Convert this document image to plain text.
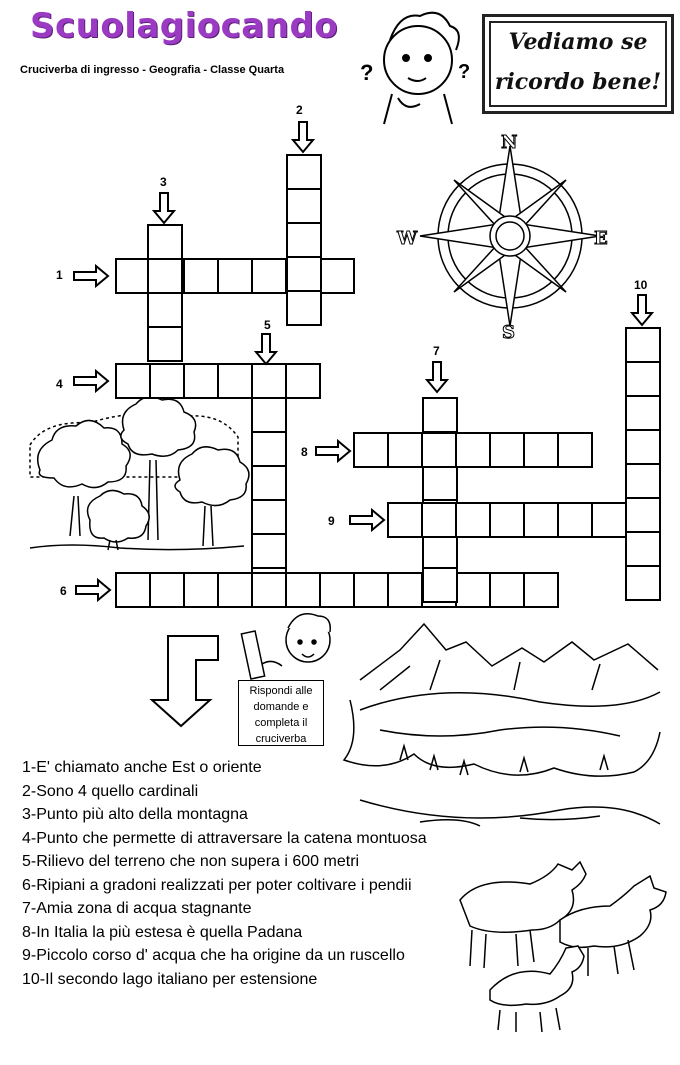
Scuolagiocando
Cruciverba di ingresso - Geografia - Classe Quarta
Vediamo se
ricordo bene!
?	?
N
S
E
W
1
2
3
4
5
6
7
8
9
10
Rispondi alle domande e completa il cruciverba
1-E' chiamato anche Est o oriente
2-Sono 4 quello cardinali
3-Punto più alto della montagna
4-Punto che permette di attraversare la catena montuosa
5-Rilievo del terreno che non supera i 600 metri
6-Ripiani a gradoni realizzati per poter coltivare i pendii
7-Amia zona di acqua stagnante
8-In Italia la più estesa è quella Padana
9-Piccolo corso d' acqua che ha origine da un ruscello
10-Il secondo lago italiano per estensione
